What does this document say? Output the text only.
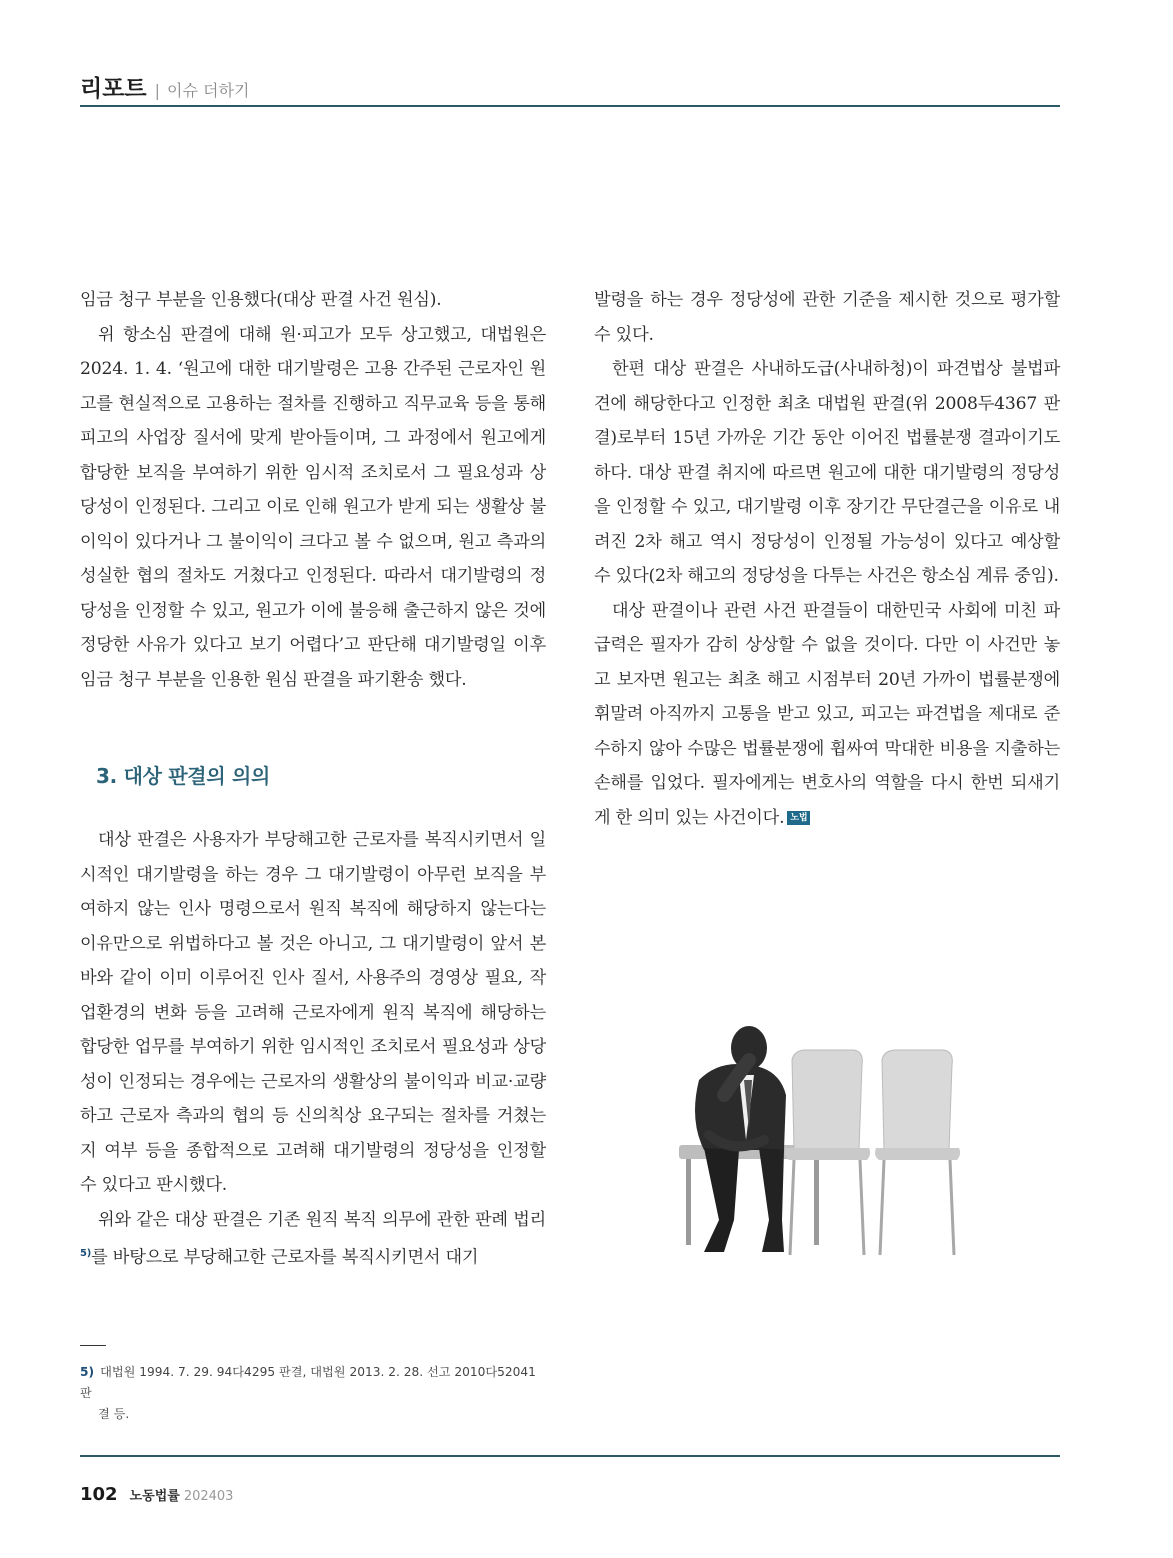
리포트 | 이슈 더하기

임금 청구 부분을 인용했다(대상 판결 사건 원심).

위 항소심 판결에 대해 원·피고가 모두 상고했고, 대법원은 2024. 1. 4. ‘원고에 대한 대기발령은 고용 간주된 근로자인 원고를 현실적으로 고용하는 절차를 진행하고 직무교육 등을 통해 피고의 사업장 질서에 맞게 받아들이며, 그 과정에서 원고에게 합당한 보직을 부여하기 위한 임시적 조치로서 그 필요성과 상당성이 인정된다. 그리고 이로 인해 원고가 받게 되는 생활상 불이익이 있다거나 그 불이익이 크다고 볼 수 없으며, 원고 측과의 성실한 협의 절차도 거쳤다고 인정된다. 따라서 대기발령의 정당성을 인정할 수 있고, 원고가 이에 불응해 출근하지 않은 것에 정당한 사유가 있다고 보기 어렵다’고 판단해 대기발령일 이후 임금 청구 부분을 인용한 원심 판결을 파기환송 했다.

3. 대상 판결의 의의

대상 판결은 사용자가 부당해고한 근로자를 복직시키면서 일시적인 대기발령을 하는 경우 그 대기발령이 아무런 보직을 부여하지 않는 인사 명령으로서 원직 복직에 해당하지 않는다는 이유만으로 위법하다고 볼 것은 아니고, 그 대기발령이 앞서 본 바와 같이 이미 이루어진 인사 질서, 사용주의 경영상 필요, 작업환경의 변화 등을 고려해 근로자에게 원직 복직에 해당하는 합당한 업무를 부여하기 위한 임시적인 조치로서 필요성과 상당성이 인정되는 경우에는 근로자의 생활상의 불이익과 비교·교량하고 근로자 측과의 협의 등 신의칙상 요구되는 절차를 거쳤는지 여부 등을 종합적으로 고려해 대기발령의 정당성을 인정할 수 있다고 판시했다.

위와 같은 대상 판결은 기존 원직 복직 의무에 관한 판례 법리$^{5)}$를 바탕으로 부당해고한 근로자를 복직시키면서 대기

발령을 하는 경우 정당성에 관한 기준을 제시한 것으로 평가할 수 있다.

한편 대상 판결은 사내하도급(사내하청)이 파견법상 불법파견에 해당한다고 인정한 최초 대법원 판결(위 2008두4367 판결)로부터 15년 가까운 기간 동안 이어진 법률분쟁 결과이기도 하다. 대상 판결 취지에 따르면 원고에 대한 대기발령의 정당성을 인정할 수 있고, 대기발령 이후 장기간 무단결근을 이유로 내려진 2차 해고 역시 정당성이 인정될 가능성이 있다고 예상할 수 있다(2차 해고의 정당성을 다투는 사건은 항소심 계류 중임).

대상 판결이나 관련 사건 판결들이 대한민국 사회에 미친 파급력은 필자가 감히 상상할 수 없을 것이다. 다만 이 사건만 놓고 보자면 원고는 최초 해고 시점부터 20년 가까이 법률분쟁에 휘말려 아직까지 고통을 받고 있고, 피고는 파견법을 제대로 준수하지 않아 수많은 법률분쟁에 휩싸여 막대한 비용을 지출하는 손해를 입었다. 필자에게는 변호사의 역할을 다시 한번 되새기게 한 의미 있는 사건이다. 노법

5) 대법원 1994. 7. 29. 94다4295 판결, 대법원 2013. 2. 28. 선고 2010다52041 판
결 등.
102 노동법률 202403
